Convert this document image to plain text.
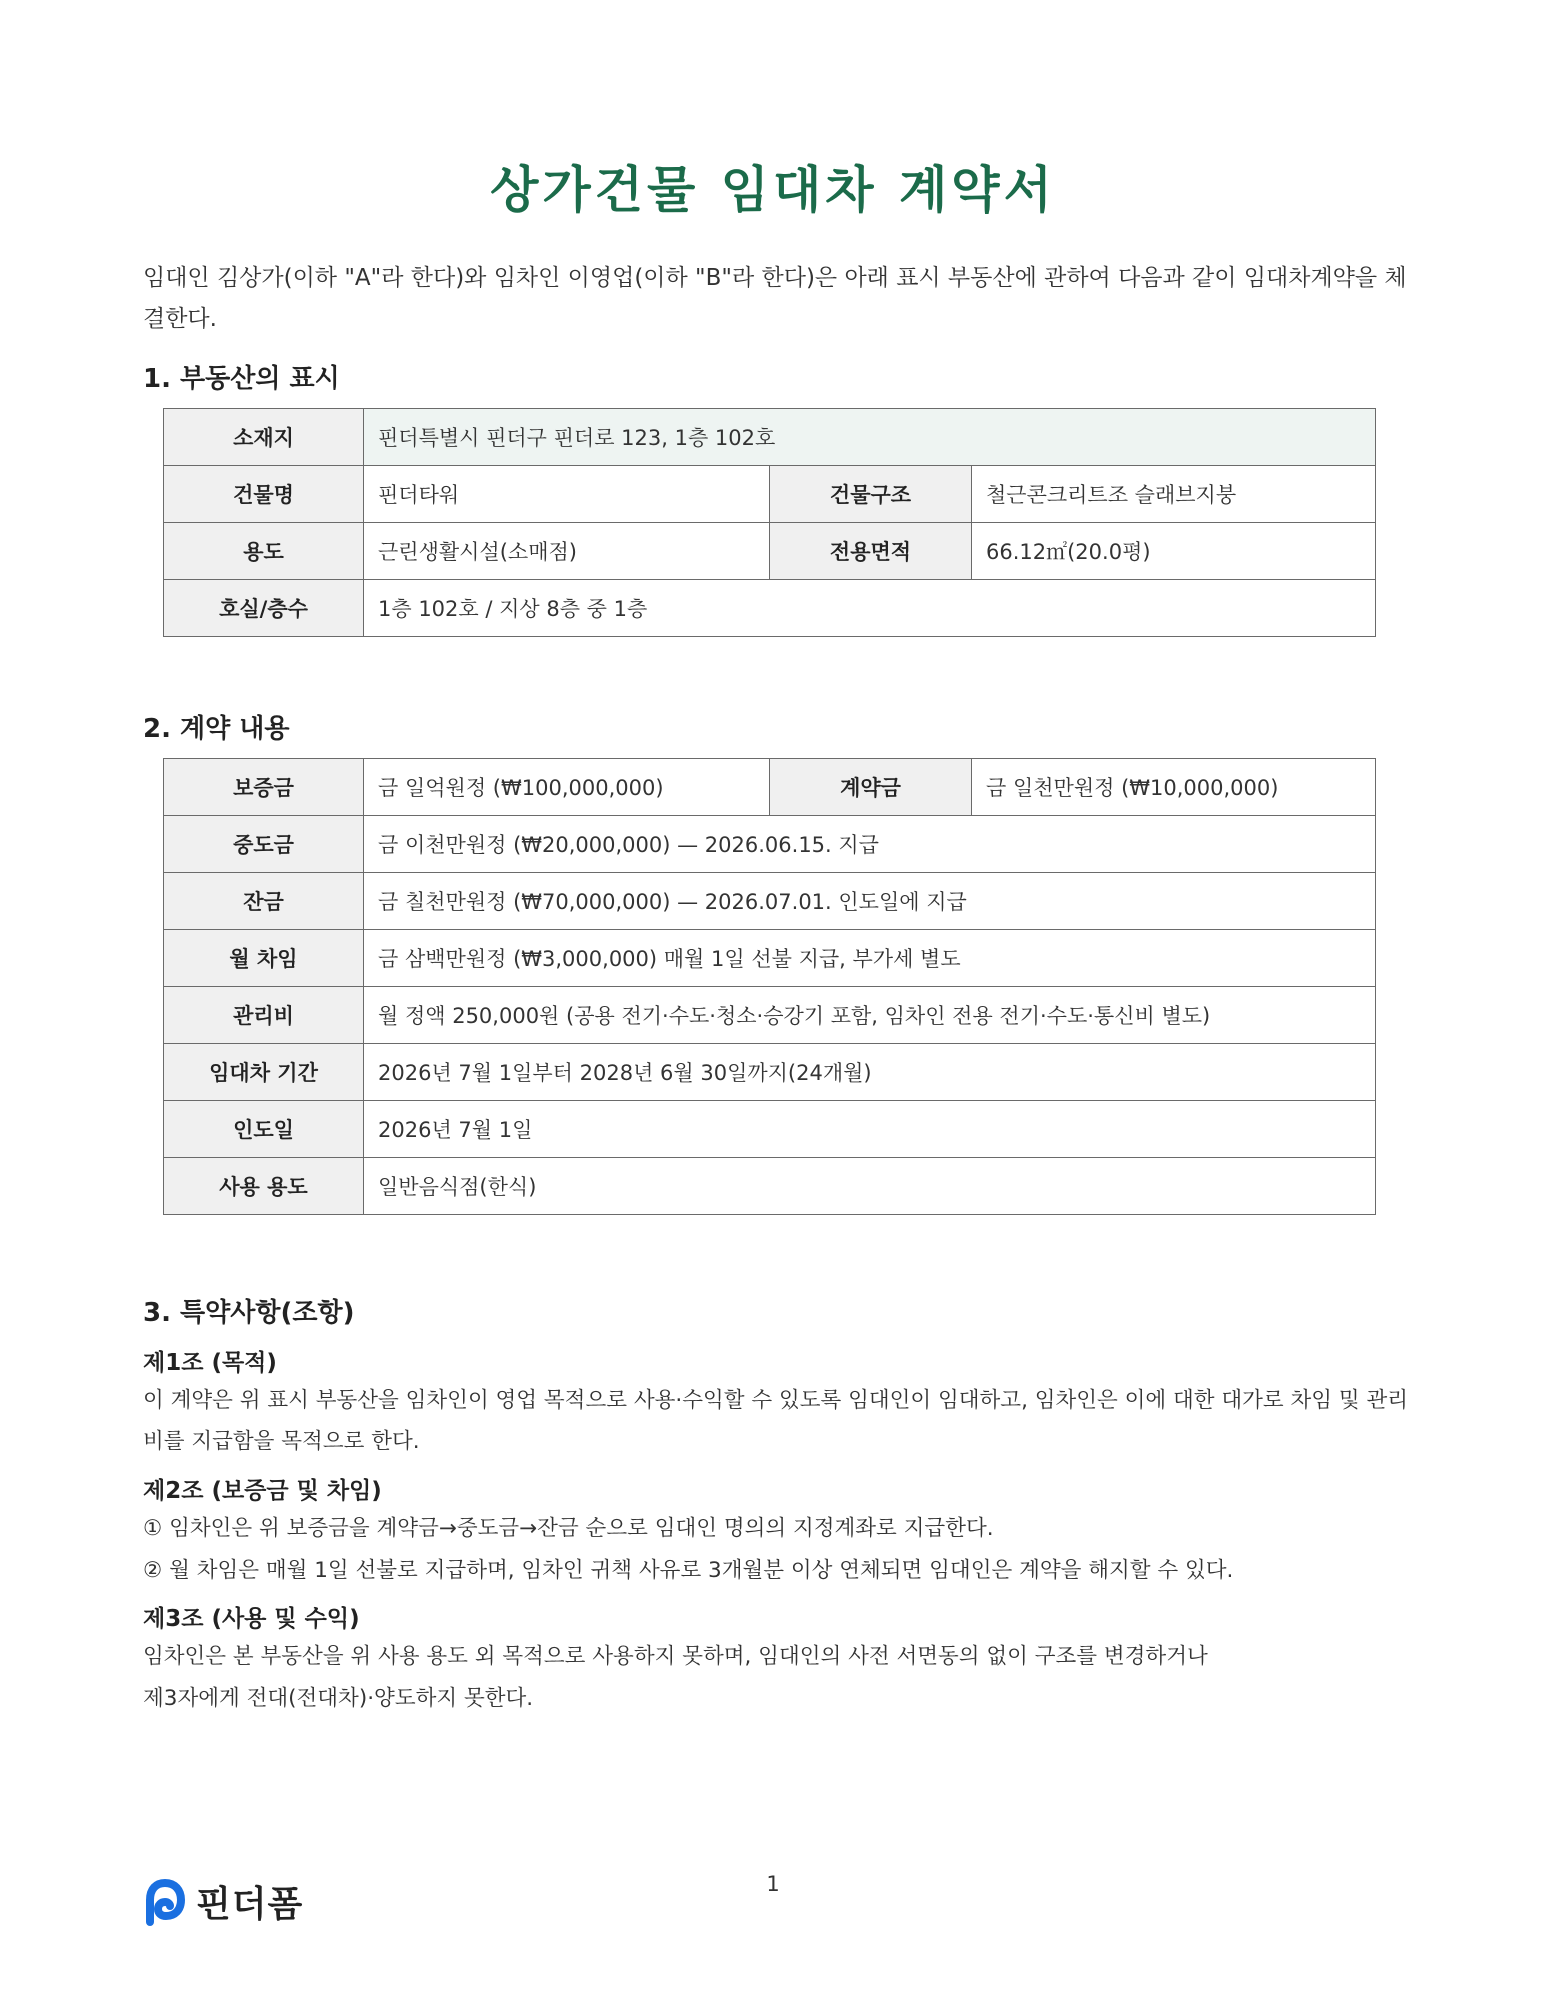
상가건물 임대차 계약서
임대인 김상가(이하 "A"라 한다)와 임차인 이영업(이하 "B"라 한다)은 아래 표시 부동산에 관하여 다음과 같이 임대차계약을 체결한다.
1. 부동산의 표시
소재지	핀더특별시 핀더구 핀더로 123, 1층 102호		
건물명	핀더타워	건물구조	철근콘크리트조 슬래브지붕
용도	근린생활시설(소매점)	전용면적	66.12㎡(20.0평)
호실/층수	1층 102호 / 지상 8층 중 1층		
2. 계약 내용
보증금	금 일억원정 (₩100,000,000)	계약금	금 일천만원정 (₩10,000,000)
중도금	금 이천만원정 (₩20,000,000) — 2026.06.15. 지급		
잔금	금 칠천만원정 (₩70,000,000) — 2026.07.01. 인도일에 지급		
월 차임	금 삼백만원정 (₩3,000,000) 매월 1일 선불 지급, 부가세 별도		
관리비	월 정액 250,000원 (공용 전기·수도·청소·승강기 포함, 임차인 전용 전기·수도·통신비 별도)		
임대차 기간	2026년 7월 1일부터 2028년 6월 30일까지(24개월)		
인도일	2026년 7월 1일		
사용 용도	일반음식점(한식)		
3. 특약사항(조항)
제1조 (목적)
이 계약은 위 표시 부동산을 임차인이 영업 목적으로 사용·수익할 수 있도록 임대인이 임대하고, 임차인은 이에 대한 대가로 차임 및 관리비를 지급함을 목적으로 한다.
제2조 (보증금 및 차임)
① 임차인은 위 보증금을 계약금→중도금→잔금 순으로 임대인 명의의 지정계좌로 지급한다.
② 월 차임은 매월 1일 선불로 지급하며, 임차인 귀책 사유로 3개월분 이상 연체되면 임대인은 계약을 해지할 수 있다.
제3조 (사용 및 수익)
임차인은 본 부동산을 위 사용 용도 외 목적으로 사용하지 못하며, 임대인의 사전 서면동의 없이 구조를 변경하거나
제3자에게 전대(전대차)·양도하지 못한다.
핀더폼	1
